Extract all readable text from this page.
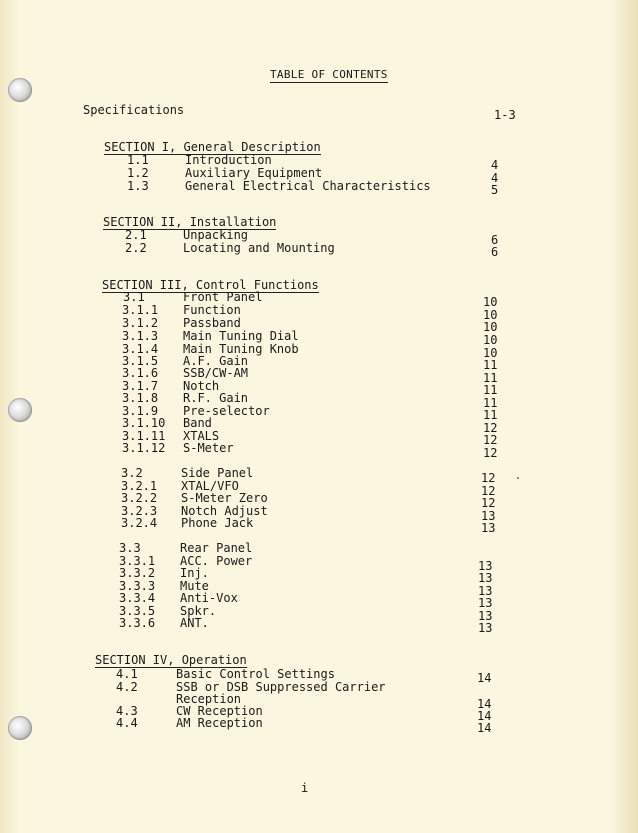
TABLE OF CONTENTS
Specifications	1-3
SECTION I, General Description
1.1	Introduction	4
1.2	Auxiliary Equipment	4
1.3	General Electrical Characteristics	5
SECTION II, Installation
2.1	Unpacking	6
2.2	Locating and Mounting	6
SECTION III, Control Functions
3.1	Front Panel	10
3.1.1 Function	10
3.1.2 Passband	10
3.1.3 Main Tuning Dial	10
3.1.4 Main Tuning Knob	10
3.1.5 A.F. Gain	11
3.1.6 SSB/CW-AM	11
3.1.7 Notch	11
3.1.8 R.F. Gain	11
3.1.9 Pre-selector	11
3.1.10 Band	12
3.1.11 XTALS	12
3.1.12 S-Meter	12
3.2	Side Panel	12
3.2.1 XTAL/VFO	12
3.2.2 S-Meter Zero	12
3.2.3 Notch Adjust	13
3.2.4 Phone Jack	13
3.3	Rear Panel
3.3.1 ACC. Power	13
3.3.2 Inj.	13
3.3.3 Mute	13
3.3.4 Anti-Vox	13
3.3.5 Spkr.	13
3.3.6 ANT.	13
SECTION IV, Operation
4.1	Basic Control Settings	14
4.2	SSB or DSB Suppressed Carrier
Reception	14
4.3	CW Reception	14
4.4	AM Reception	14
i
